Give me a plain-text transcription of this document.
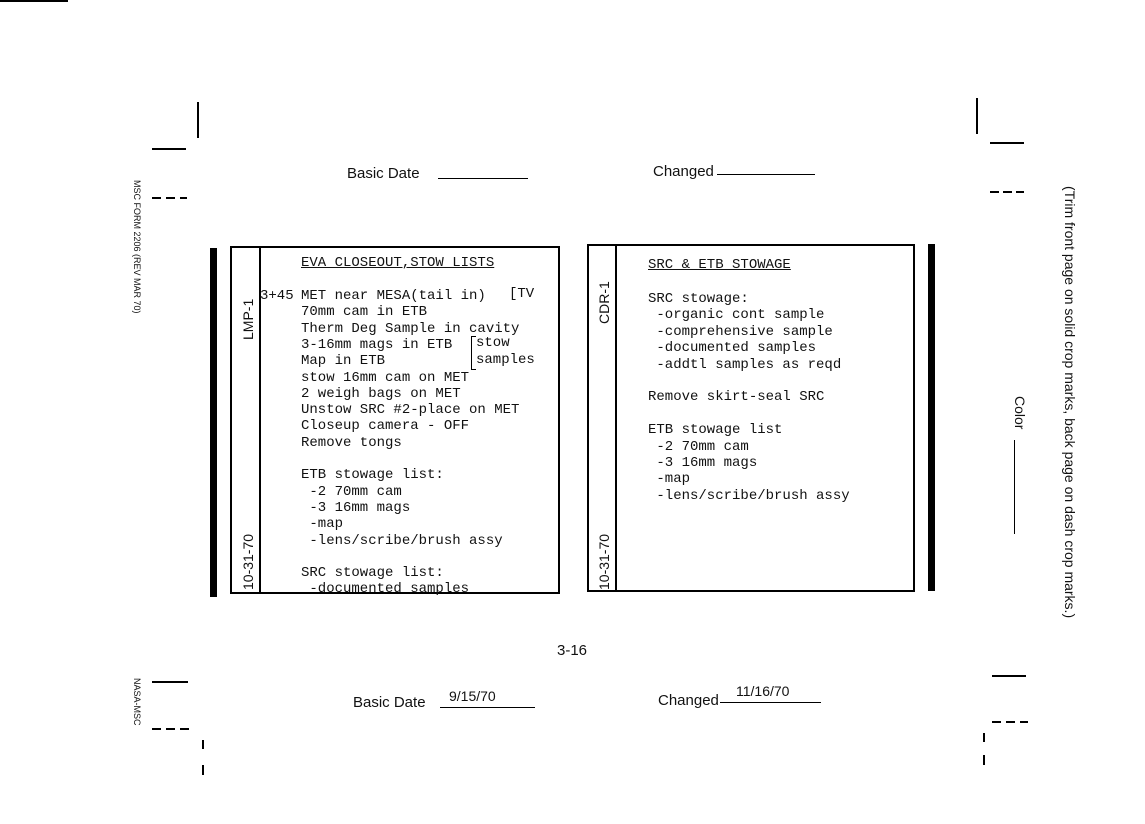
MSC FORM 2206 (REV MAR 70)
NASA-MSC
(Trim front page on solid crop marks, back page on dash crop marks.)
Color
Basic Date	Changed
LMP-1
10-31-70
EVA CLOSEOUT,STOW LISTS
3+45	[TV
MET near MESA(tail in)
70mm cam in ETB
Therm Deg Sample in cavity
3-16mm mags in ETB
Map in ETB
stow 16mm cam on MET
2 weigh bags on MET
Unstow SRC #2-place on MET
Closeup camera - OFF
Remove tongs
ETB stowage list:
-2 70mm cam
-3 16mm mags
-map
-lens/scribe/brush assy
SRC stowage list:
-documented samples
stow
samples
CDR-1
10-31-70
SRC & ETB STOWAGE
SRC stowage:
-organic cont sample
-comprehensive sample
-documented samples
-addtl samples as reqd
Remove skirt-seal SRC
ETB stowage list
-2 70mm cam
-3 16mm mags
-map
-lens/scribe/brush assy
3-16
Basic Date 9/15/70	Changed
11/16/70
